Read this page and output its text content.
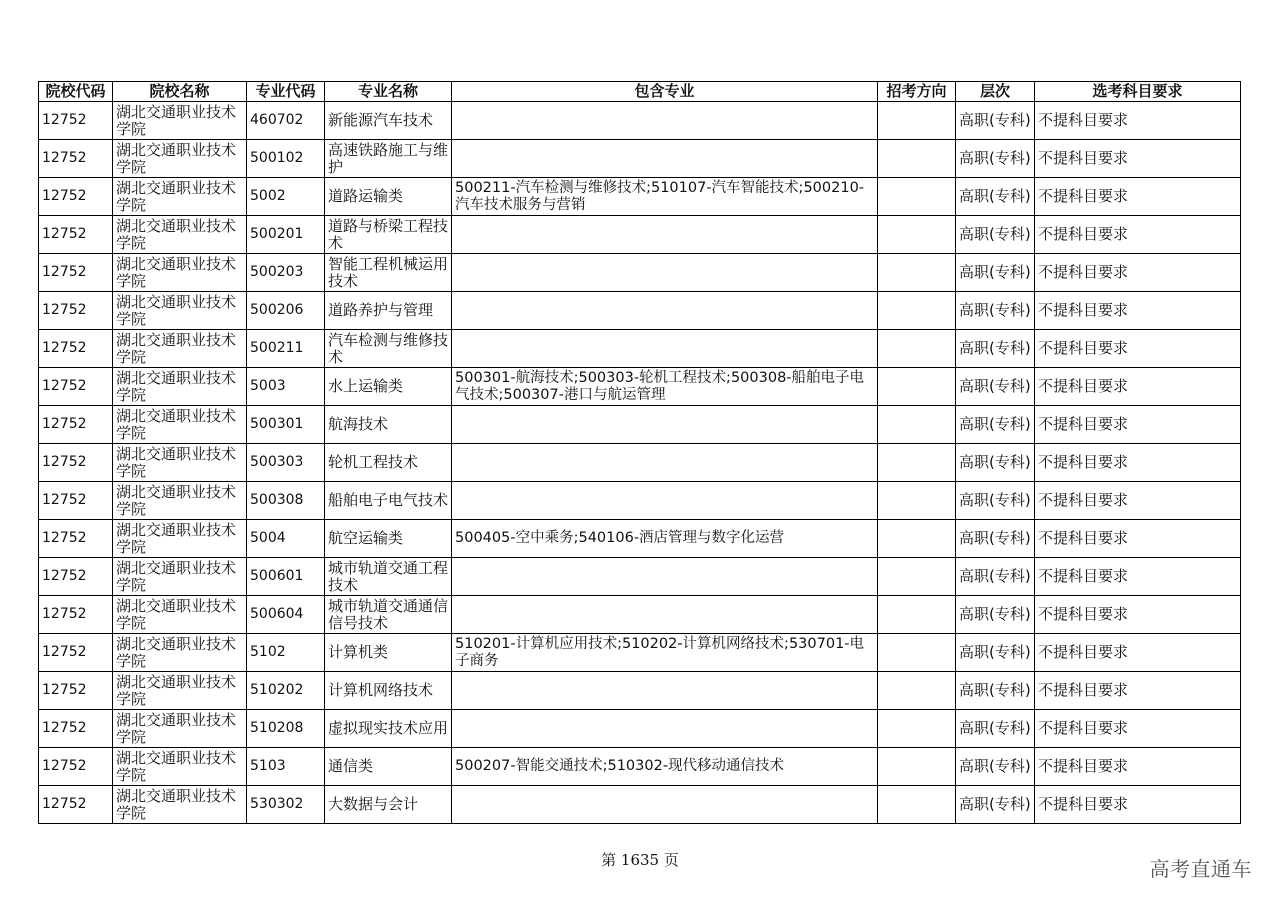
院校代码	院校名称	专业代码	专业名称	包含专业	招考方向	层次	选考科目要求
12752	湖北交通职业技术学院	460702	新能源汽车技术			高职(专科)	不提科目要求
12752	湖北交通职业技术学院	500102	高速铁路施工与维护			高职(专科)	不提科目要求
12752	湖北交通职业技术学院	5002	道路运输类	500211-汽车检测与维修技术;510107-汽车智能技术;500210-汽车技术服务与营销		高职(专科)	不提科目要求
12752	湖北交通职业技术学院	500201	道路与桥梁工程技术			高职(专科)	不提科目要求
12752	湖北交通职业技术学院	500203	智能工程机械运用技术			高职(专科)	不提科目要求
12752	湖北交通职业技术学院	500206	道路养护与管理			高职(专科)	不提科目要求
12752	湖北交通职业技术学院	500211	汽车检测与维修技术			高职(专科)	不提科目要求
12752	湖北交通职业技术学院	5003	水上运输类	500301-航海技术;500303-轮机工程技术;500308-船舶电子电气技术;500307-港口与航运管理		高职(专科)	不提科目要求
12752	湖北交通职业技术学院	500301	航海技术			高职(专科)	不提科目要求
12752	湖北交通职业技术学院	500303	轮机工程技术			高职(专科)	不提科目要求
12752	湖北交通职业技术学院	500308	船舶电子电气技术			高职(专科)	不提科目要求
12752	湖北交通职业技术学院	5004	航空运输类	500405-空中乘务;540106-酒店管理与数字化运营		高职(专科)	不提科目要求
12752	湖北交通职业技术学院	500601	城市轨道交通工程技术			高职(专科)	不提科目要求
12752	湖北交通职业技术学院	500604	城市轨道交通通信信号技术			高职(专科)	不提科目要求
12752	湖北交通职业技术学院	5102	计算机类	510201-计算机应用技术;510202-计算机网络技术;530701-电子商务		高职(专科)	不提科目要求
12752	湖北交通职业技术学院	510202	计算机网络技术			高职(专科)	不提科目要求
12752	湖北交通职业技术学院	510208	虚拟现实技术应用			高职(专科)	不提科目要求
12752	湖北交通职业技术学院	5103	通信类	500207-智能交通技术;510302-现代移动通信技术		高职(专科)	不提科目要求
12752	湖北交通职业技术学院	530302	大数据与会计			高职(专科)	不提科目要求
第 1635 页	高考直通车
